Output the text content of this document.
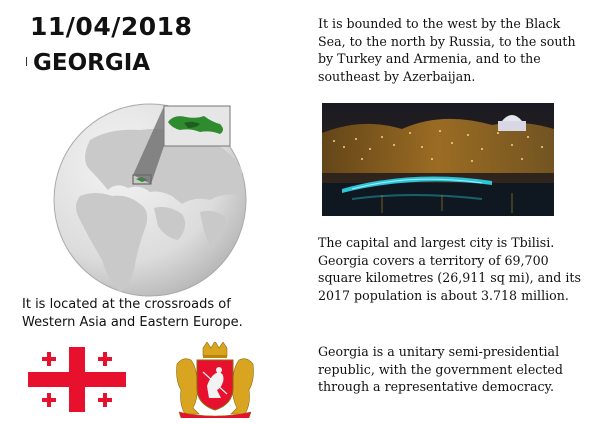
11/04/2018
GEORGIA
It is located at the crossroads of Western Asia and Eastern Europe.
It is bounded to the west by the Black Sea, to the north by Russia, to the south by Turkey and Armenia, and to the southeast by Azerbaijan.
The capital and largest city is Tbilisi. Georgia covers a territory of 69,700 square kilometres (26,911 sq mi), and its 2017 population is about 3.718 million.
Georgia is a unitary semi-presidential republic, with the government elected through a representative democracy.
